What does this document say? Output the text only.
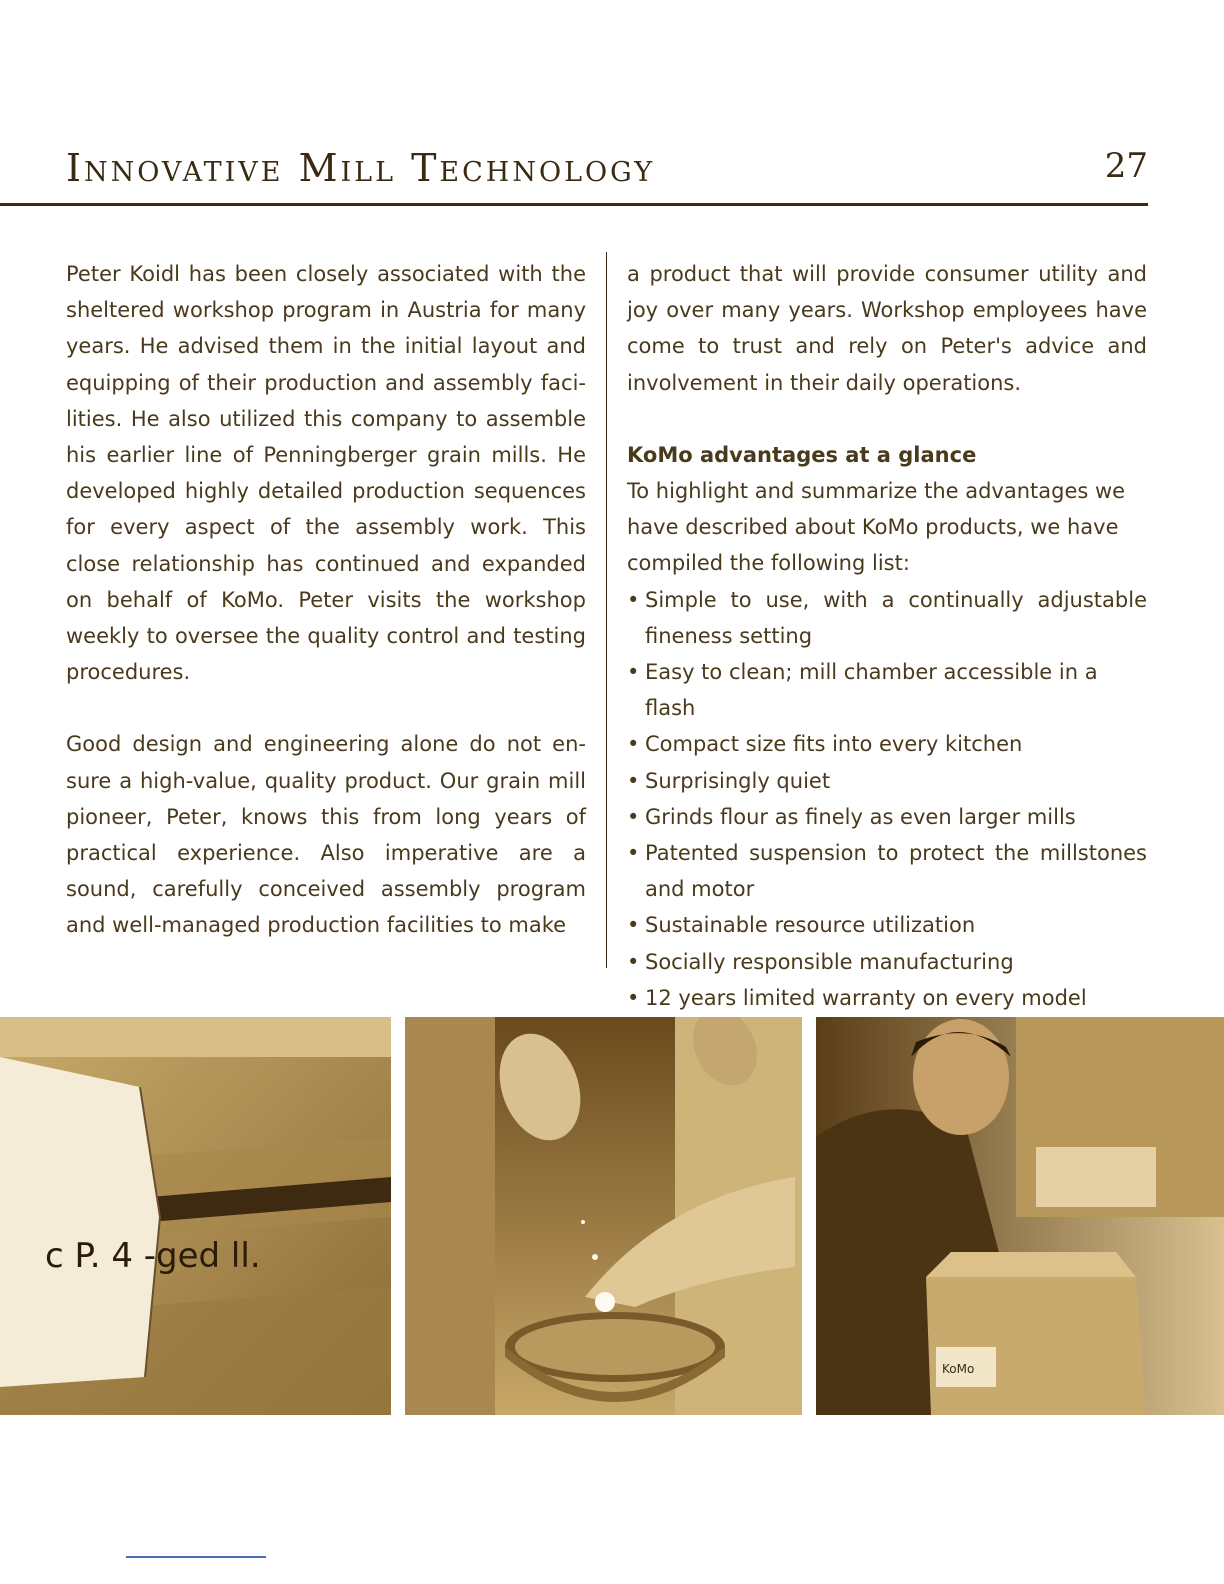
Innovative Mill Technology	27

Peter Koidl has been closely associated with the sheltered workshop program in Austria for many years. He advised them in the initial layout and equipping of their production and assembly facilities. He also utilized this company to assemble his earlier line of Penningberger grain mills. He developed highly detailed production sequences for every aspect of the assembly work. This close relationship has continued and expanded on behalf of KoMo. Peter visits the workshop weekly to oversee the quality control and testing procedures.

Good design and engineering alone do not ensure a high-value, quality product. Our grain mill pioneer, Peter, knows this from long years of practical experience. Also imperative are a sound, carefully conceived assembly program and well-managed production facilities to make

a product that will provide consumer utility and joy over many years. Workshop employees have come to trust and rely on Peter's advice and involvement in their daily operations.

KoMo advantages at a glance

To highlight and summarize the advantages we have described about KoMo products, we have compiled the following list:

• Simple to use, with a continually adjustable fineness setting
• Easy to clean; mill chamber accessible in a flash
• Compact size fits into every kitchen
• Surprisingly quiet
• Grinds flour as finely as even larger mills
• Patented suspension to protect the millstones and motor
• Sustainable resource utilization
• Socially responsible manufacturing
• 12 years limited warranty on every model
c P. 4 -ged ll.
KoMo
